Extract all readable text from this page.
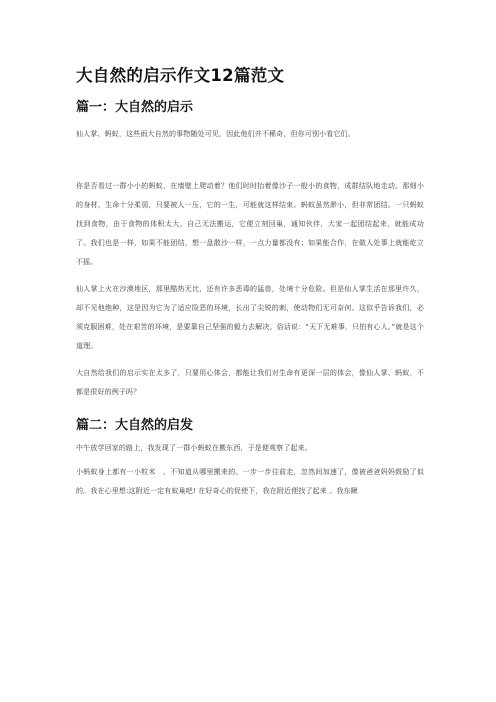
大自然的启示作文12篇范文
篇一：大自然的启示

仙人掌、蚂蚁，这些雨大自然的事物随处可见，因此他们并不稀奇，但你可别小看它们。

你是否看过一群小小的蚂蚁，在墙壁上爬动着？他们时时抬着像沙子一般小的食物，成群结队地走动。那细小的身材，生命十分柔弱，只要被人一压，它的一生，可能就这样结束。蚂蚁虽然渺小，但非常团结。一只蚂蚁找到食物，由于食物的体积太大，自己无法搬运，它便立刻回巢，通知伙伴，大家一起团结起来，就能成功了。我们也是一样，如果不能团结，想一盘散沙一样，一点力量都没有；如果能合作，在做人处事上就能屹立不摇。

仙人掌上火在沙漠地区，那里酷热无比，还有许多恶毒的猛兽，处境十分危险。但是仙人掌生活在那里许久，却不见他绝种，这是因为它为了适应险恶的环境，长出了尖锐的刺，使动物们无可奈何。这似乎告诉我们，必须克服困难，处在艰苦的环境，是要靠自己坚强的毅力去解决。俗话说：“天下无难事，只怕有心人。”就是这个道理。

大自然给我们的启示实在太多了，只要用心体会，都能让我们对生命有更深一层的体会，像仙人掌、蚂蚁，不都是很好的例子吗？

篇二：大自然的启发

中午放学回家的路上，我发现了一群小蚂蚁在搬东西，于是便观察了起来。

小蚂蚁身上都有一小粒米　，不知道从哪里搬来的。一步一步往前走，忽然间加速了，像被爸爸妈妈鼓励了似的。我在心里想:这附近一定有蚁巢吧! 在好奇心的促使下，我在附近便找了起来 。我东瞅
